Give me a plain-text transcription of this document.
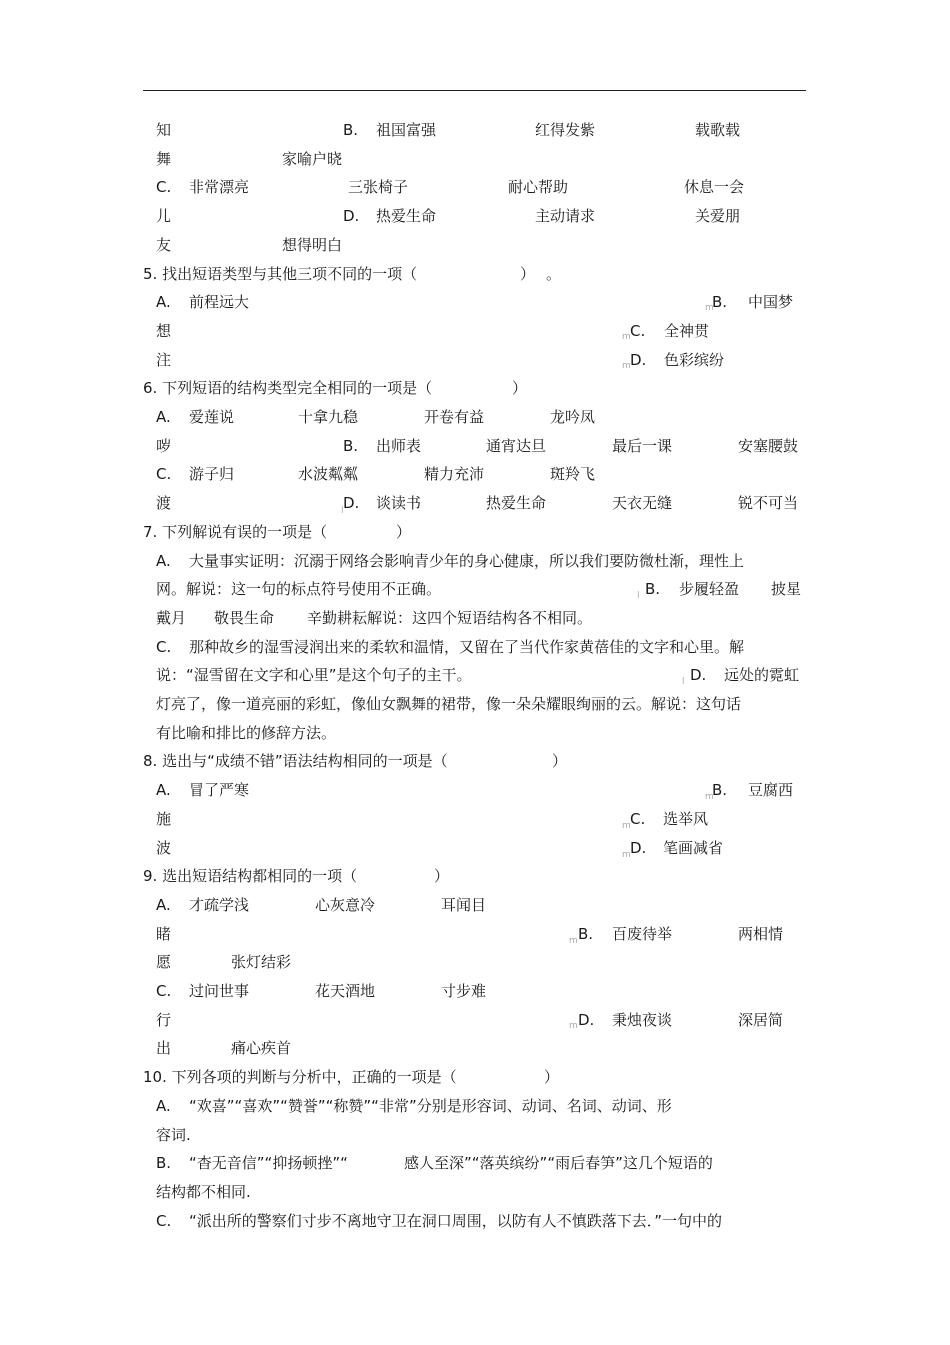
知	B. 祖国富强	红得发紫	载歌载
舞	家喻户晓
C. 非常漂亮	三张椅子	耐心帮助	休息一会
儿	D. 热爱生命	主动请求	关爱朋
友	想得明白
5. 找出短语类型与其他三项不同的一项（	） 。
A. 前程远大	B. 中国梦
想	C. 全神贯
注	D. 色彩缤纷
6. 下列短语的结构类型完全相同的一项是（	）
A. 爱莲说	十拿九稳	开卷有益	龙吟凤
哕	B. 出师表	通宵达旦	最后一课	安塞腰鼓
C. 游子归	水波粼粼	精力充沛	斑羚飞
渡	D. 谈读书	热爱生命	天衣无缝	锐不可当
7. 下列解说有误的一项是（	）
A. 大量事实证明：沉溺于网络会影响青少年的身心健康，所以我们要防微杜渐，理性上
网。解说：这一句的标点符号使用不正确。	B. 步履轻盈 披星
戴月 敬畏生命 辛勤耕耘解说：这四个短语结构各不相同。
C. 那种故乡的湿雪浸润出来的柔软和温情，又留在了当代作家黄蓓佳的文字和心里。解
说：“湿雪留在文字和心里”是这个句子的主干。	D. 远处的霓虹
灯亮了，像一道亮丽的彩虹，像仙女飘舞的裙带，像一朵朵耀眼绚丽的云。解说：这句话
有比喻和排比的修辞方法。
8. 选出与“成绩不错”语法结构相同的一项是（	）
A. 冒了严寒	B. 豆腐西
施	C. 选举风
波	D. 笔画减省
9. 选出短语结构都相同的一项（	）
A. 才疏学浅	心灰意冷	耳闻目
睹	B. 百废待举	两相情
愿	张灯结彩
C. 过问世事	花天酒地	寸步难
行	D. 秉烛夜谈	深居简
出	痛心疾首
10. 下列各项的判断与分析中，正确的一项是（	）
A. “欢喜”“喜欢”“赞誉”“称赞”“非常”分别是形容词、动词、名词、动词、形
容词.
B. “杳无音信”“抑扬顿挫”“	感人至深”“落英缤纷”“雨后春笋”这几个短语的
结构都不相同.
C. “派出所的警察们寸步不离地守卫在洞口周围，以防有人不慎跌落下去．”一句中的
m
m
m
l
l
m
m
m
m
m
l
